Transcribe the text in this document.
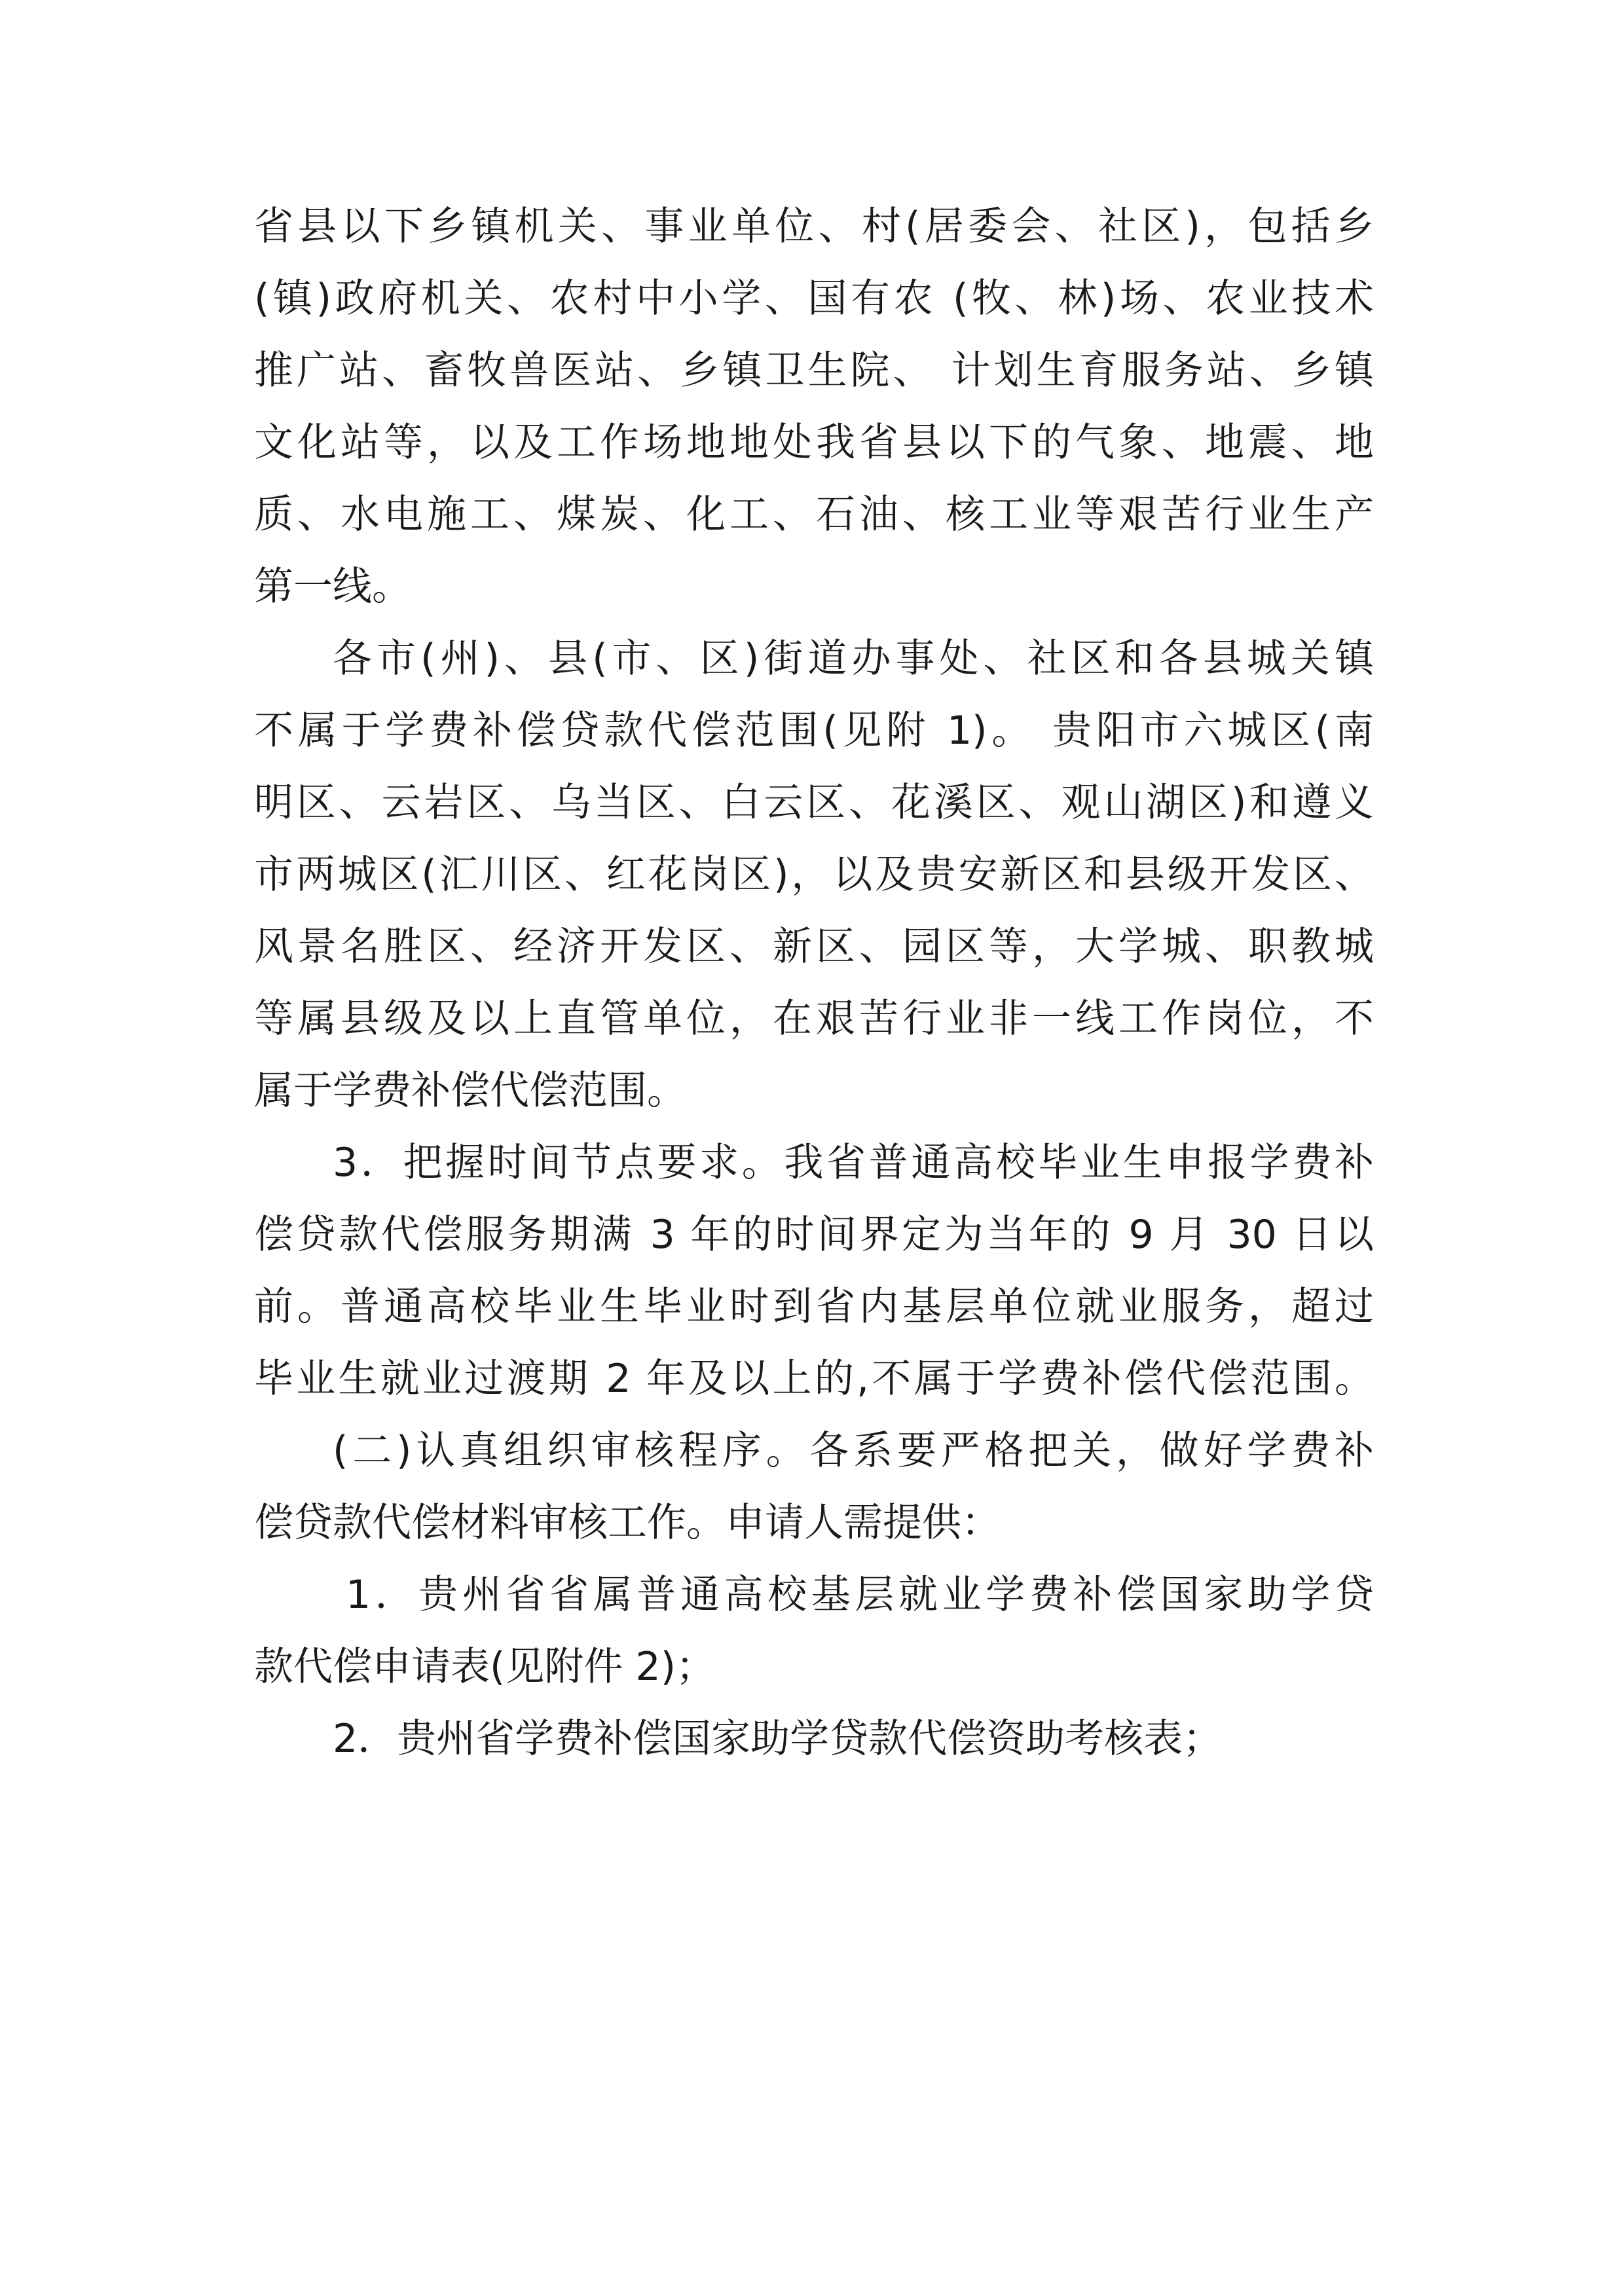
省县以下乡镇机关、事业单位、村(居委会、社区)，包括乡
(镇)政府机关、农村中小学、国有农 (牧、林)场、农业技术
推广站、畜牧兽医站、乡镇卫生院、 计划生育服务站、乡镇
文化站等，以及工作场地地处我省县以下的气象、地震、地
质、水电施工、煤炭、化工、石油、核工业等艰苦行业生产
第一线。
各市(州)、县(市、区)街道办事处、社区和各县城关镇
不属于学费补偿贷款代偿范围(见附 1)。 贵阳市六城区(南
明区、云岩区、乌当区、白云区、花溪区、观山湖区)和遵义
市两城区(汇川区、红花岗区)，以及贵安新区和县级开发区、
风景名胜区、经济开发区、新区、园区等，大学城、职教城
等属县级及以上直管单位，在艰苦行业非一线工作岗位，不
属于学费补偿代偿范围。
3．把握时间节点要求。我省普通高校毕业生申报学费补
偿贷款代偿服务期满 3 年的时间界定为当年的 9 月 30 日以
前。普通高校毕业生毕业时到省内基层单位就业服务，超过
毕业生就业过渡期 2 年及以上的,不属于学费补偿代偿范围。
(二)认真组织审核程序。各系要严格把关，做好学费补
偿贷款代偿材料审核工作。申请人需提供：
1．贵州省省属普通高校基层就业学费补偿国家助学贷
款代偿申请表(见附件 2)；
2．贵州省学费补偿国家助学贷款代偿资助考核表；
